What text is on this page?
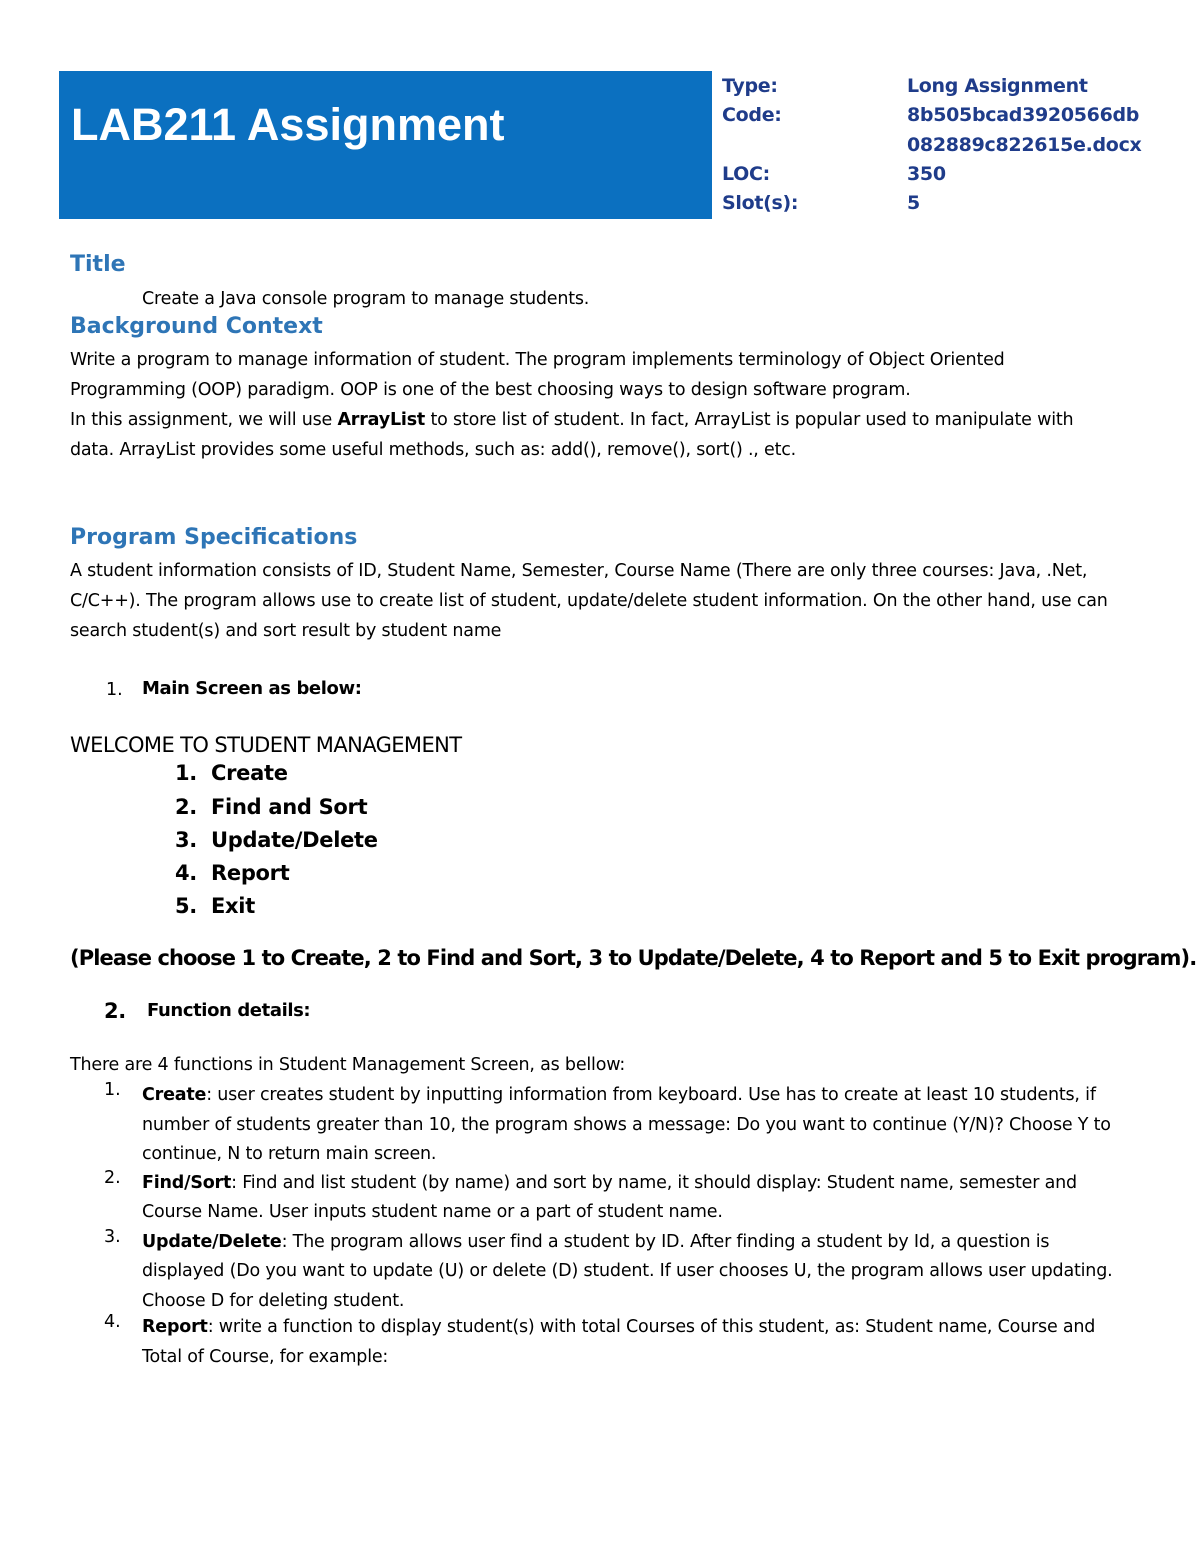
LAB211 Assignment
Type:	Long Assignment
Code:	8b505bcad3920566db
082889c822615e.docx
LOC:	350
Slot(s):	5
Title
Create a Java console program to manage students.
Background Context
Write a program to manage information of student. The program implements terminology of Object Oriented
Programming (OOP) paradigm. OOP is one of the best choosing ways to design software program.
In this assignment, we will use ArrayList to store list of student. In fact, ArrayList is popular used to manipulate with
data. ArrayList provides some useful methods, such as: add(), remove(), sort() ., etc.
Program Specifications
A student information consists of ID, Student Name, Semester, Course Name (There are only three courses: Java, .Net,
C/C++). The program allows use to create list of student, update/delete student information. On the other hand, use can
search student(s) and sort result by student name
1. Main Screen as below:
WELCOME TO STUDENT MANAGEMENT
1. Create
2. Find and Sort
3. Update/Delete
4. Report
5. Exit
(Please choose 1 to Create, 2 to Find and Sort, 3 to Update/Delete, 4 to Report and 5 to Exit program).
2. Function details:
There are 4 functions in Student Management Screen, as bellow:
1. Create: user creates student by inputting information from keyboard. Use has to create at least 10 students, if
number of students greater than 10, the program shows a message: Do you want to continue (Y/N)? Choose Y to
continue, N to return main screen.
2. Find/Sort: Find and list student (by name) and sort by name, it should display: Student name, semester and
Course Name. User inputs student name or a part of student name.
3. Update/Delete: The program allows user find a student by ID. After finding a student by Id, a question is
displayed (Do you want to update (U) or delete (D) student. If user chooses U, the program allows user updating.
Choose D for deleting student.
4. Report: write a function to display student(s) with total Courses of this student, as: Student name, Course and
Total of Course, for example:
